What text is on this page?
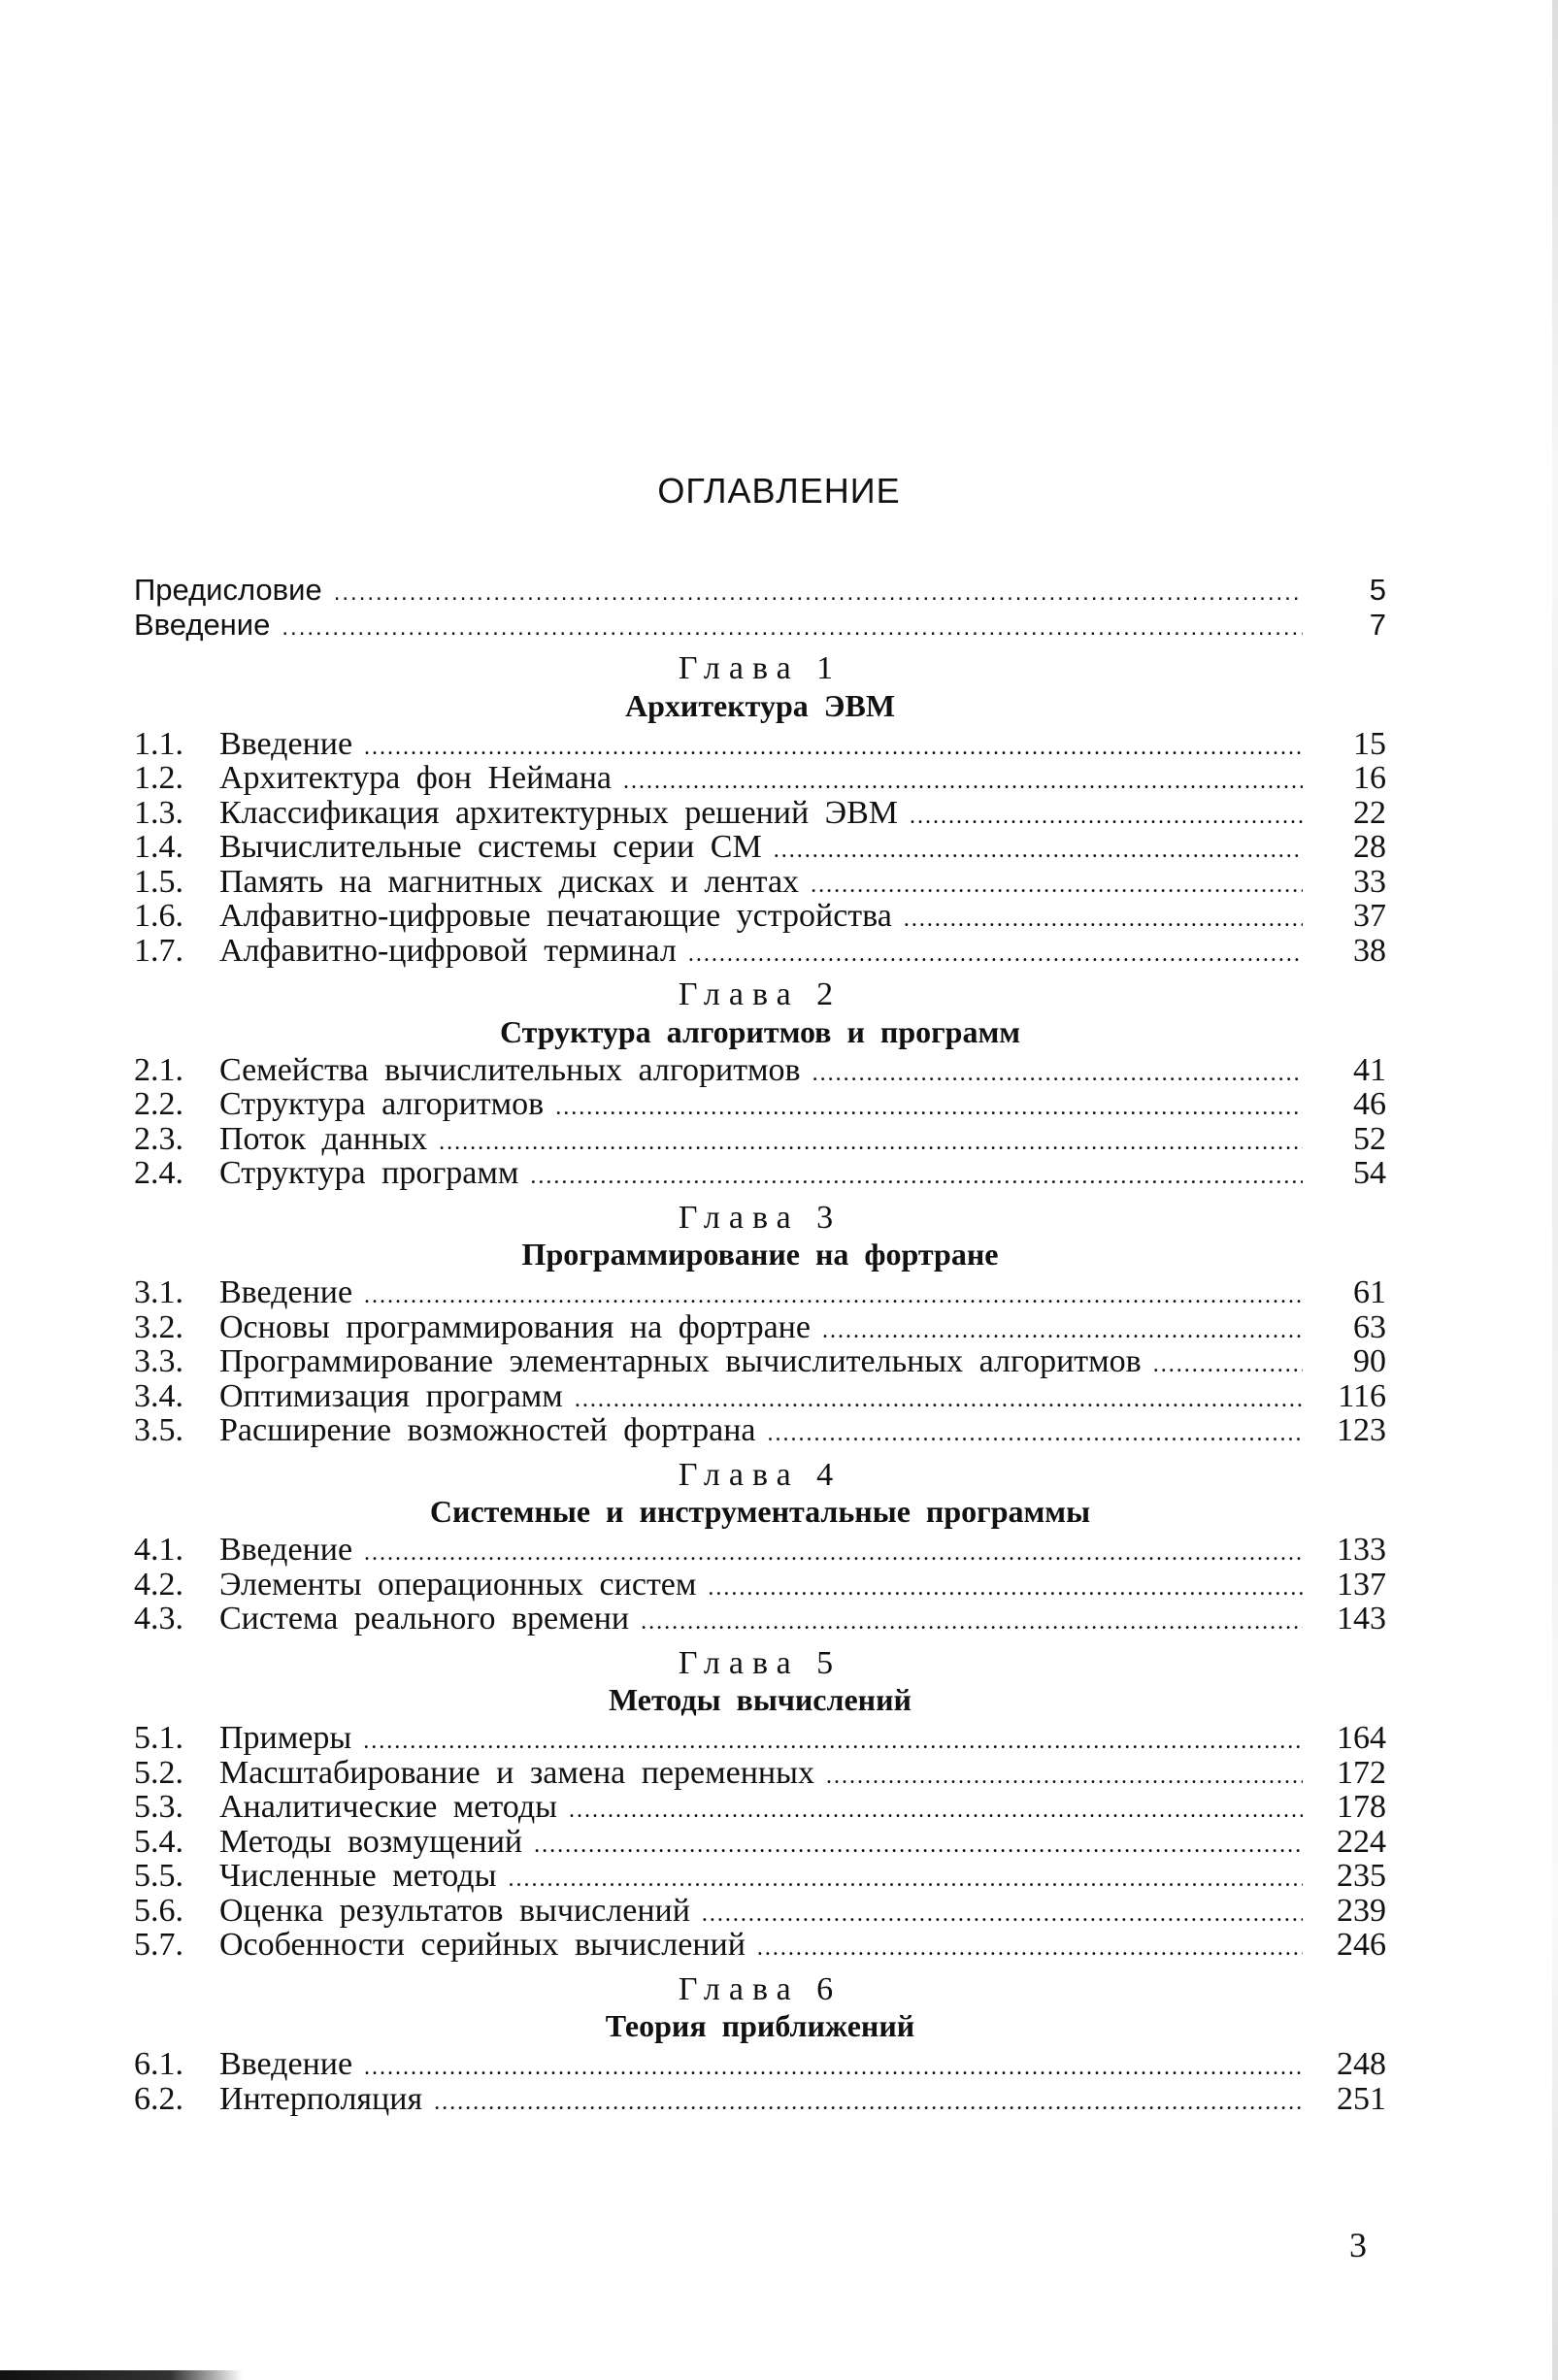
ОГЛАВЛЕНИЕ
Предисловие .....	5
Введение .....	7
Глава 1
Архитектура ЭВМ
1.1.	Введение .....	15
1.2.	Архитектура фон Неймана .....	16
1.3.	Классификация архитектурных решений ЭВМ .....	22
1.4.	Вычислительные системы серии СМ .....	28
1.5.	Память на магнитных дисках и лентах .....	33
1.6.	Алфавитно-цифровые печатающие устройства .....	37
1.7.	Алфавитно-цифровой терминал .....	38
Глава 2
Структура алгоритмов и программ
2.1.	Семейства вычислительных алгоритмов .....	41
2.2.	Структура алгоритмов .....	46
2.3.	Поток данных .....	52
2.4.	Структура программ .....	54
Глава 3
Программирование на фортране
3.1.	Введение .....	61
3.2.	Основы программирования на фортране .....	63
3.3.	Программирование элементарных вычислительных алгоритмов .....	90
3.4.	Оптимизация программ .....	116
3.5.	Расширение возможностей фортрана .....	123
Глава 4
Системные и инструментальные программы
4.1.	Введение .....	133
4.2.	Элементы операционных систем .....	137
4.3.	Система реального времени .....	143
Глава 5
Методы вычислений
5.1.	Примеры .....	164
5.2.	Масштабирование и замена переменных .....	172
5.3.	Аналитические методы .....	178
5.4.	Методы возмущений .....	224
5.5.	Численные методы .....	235
5.6.	Оценка результатов вычислений .....	239
5.7.	Особенности серийных вычислений .....	246
Глава 6
Теория приближений
6.1.	Введение .....	248
6.2.	Интерполяция .....	251
3
